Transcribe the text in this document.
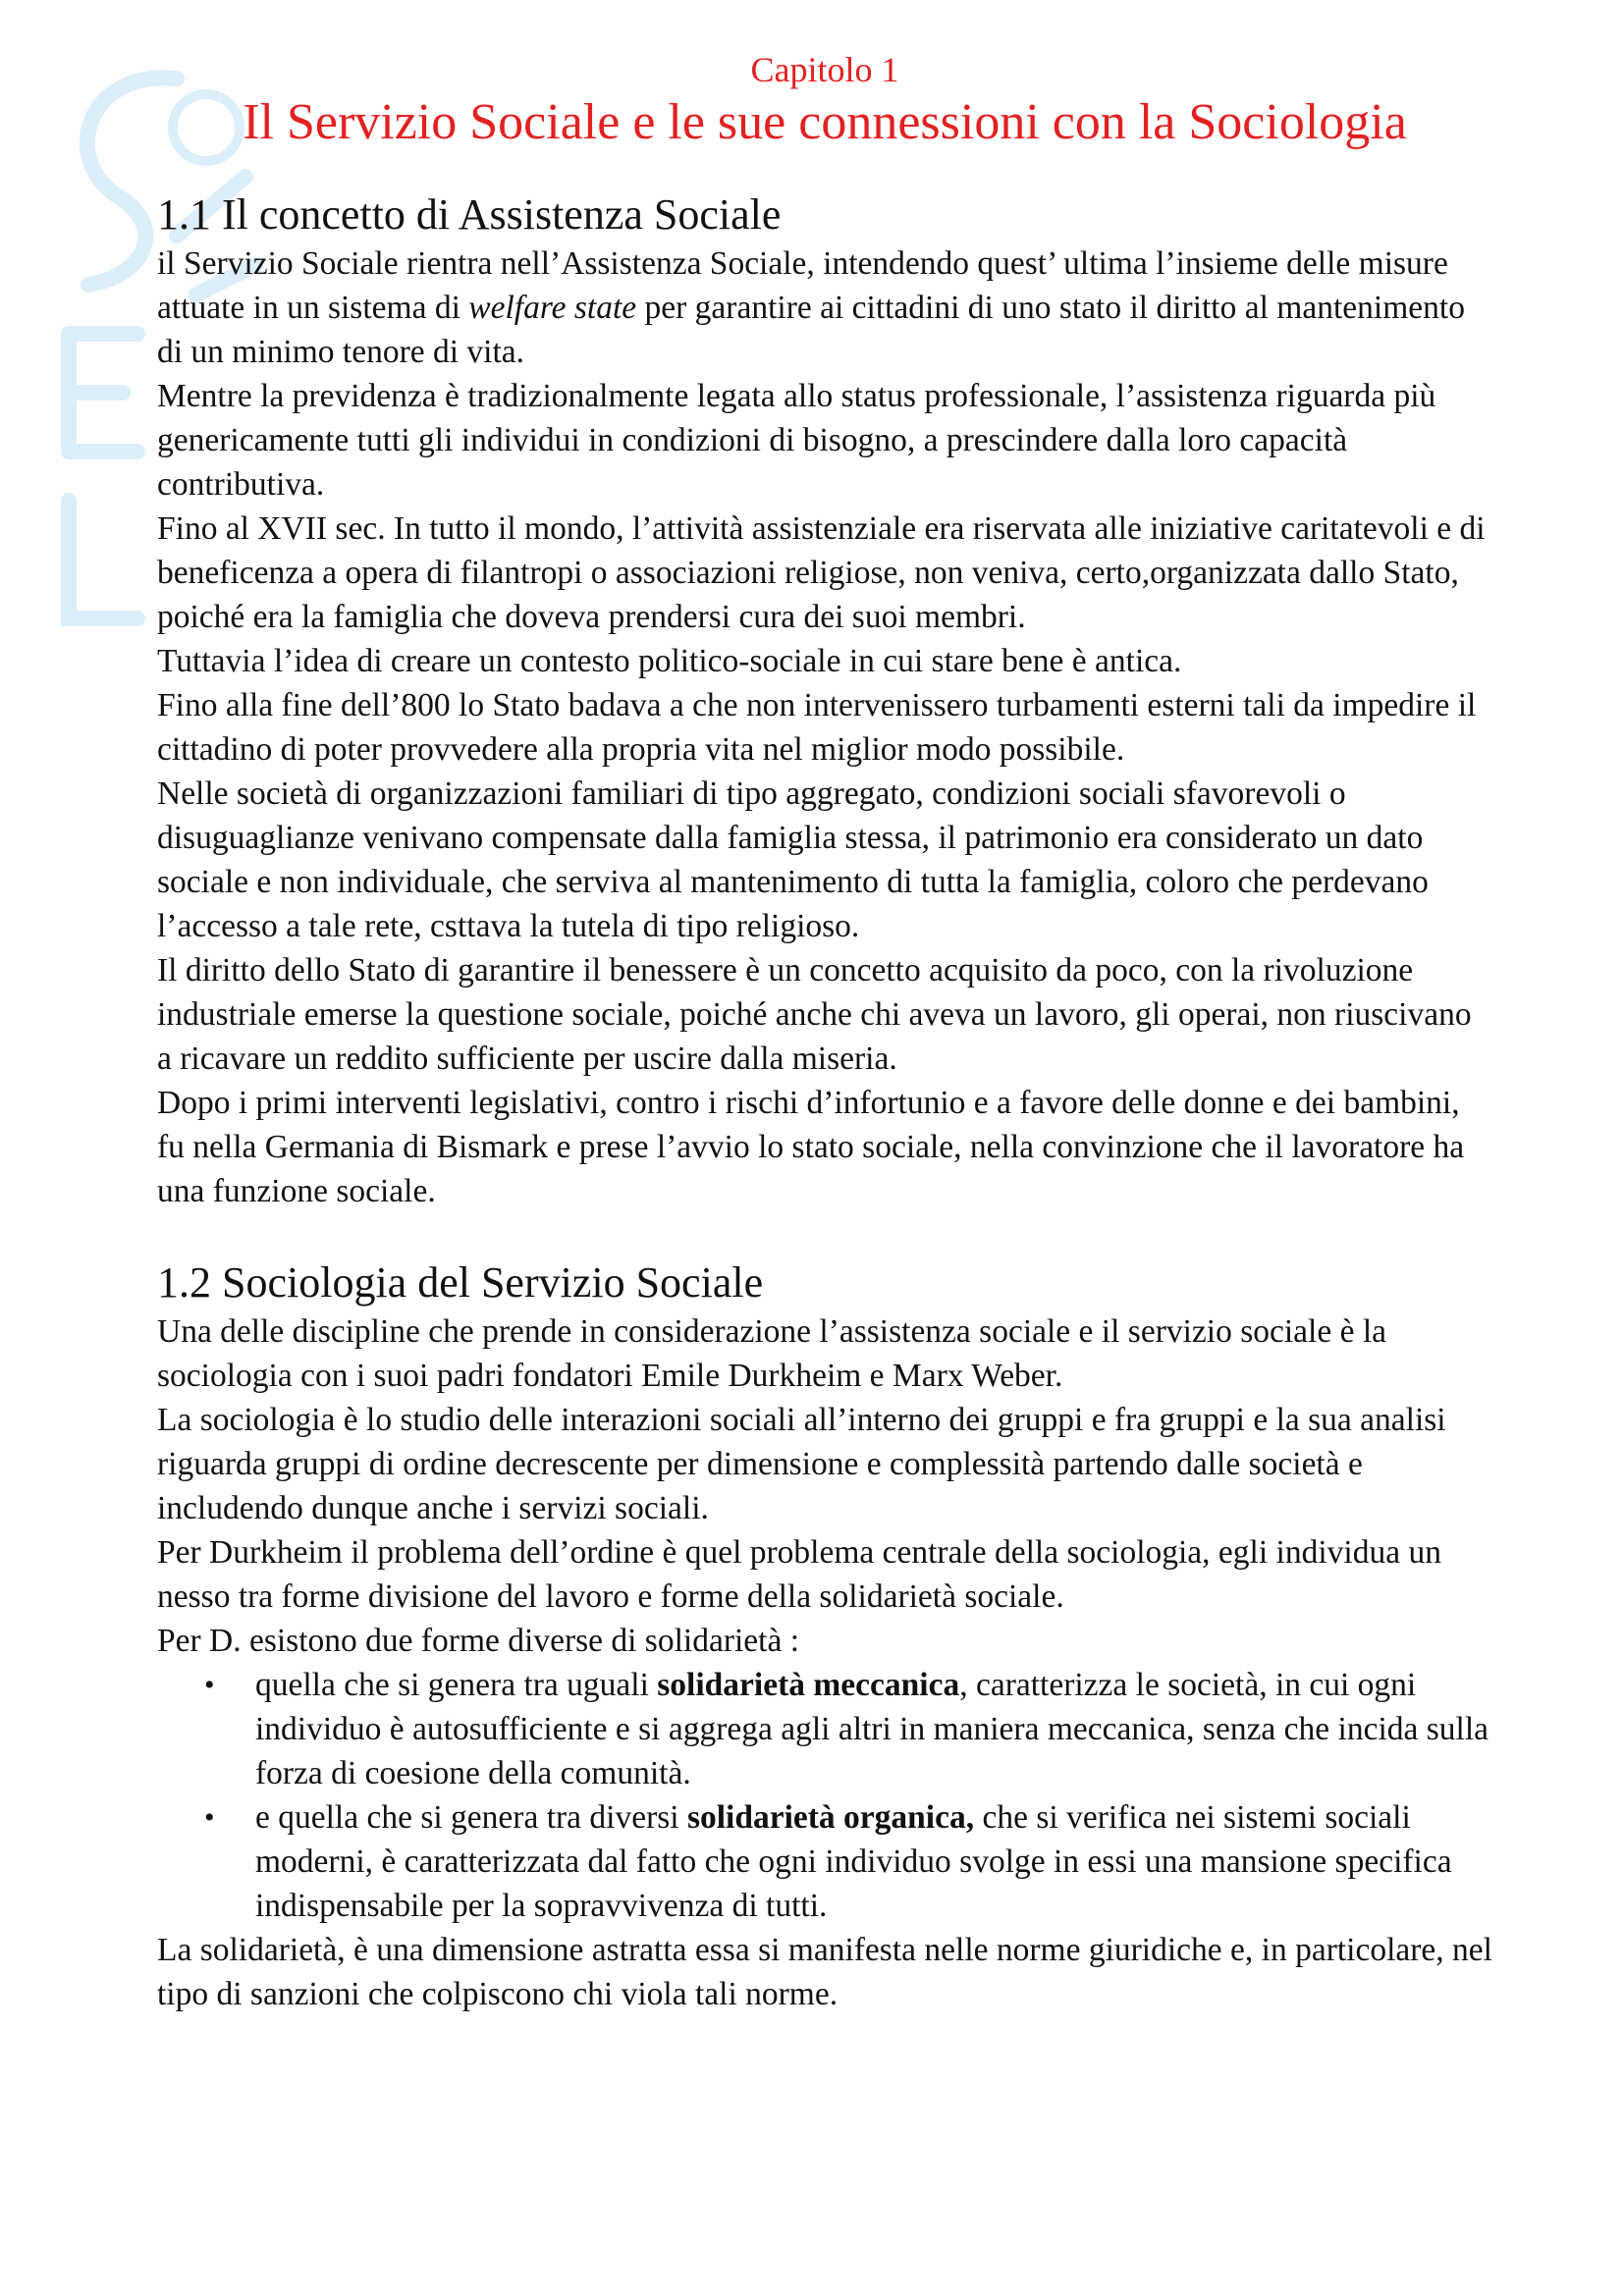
Capitolo 1
Il Servizio Sociale e le sue connessioni con la Sociologia
1.1 Il concetto di Assistenza Sociale

il Servizio Sociale rientra nell’Assistenza Sociale, intendendo quest’ ultima l’insieme delle misure attuate in un sistema di welfare state per garantire ai cittadini di uno stato il diritto al mantenimento di un minimo tenore di vita.

Mentre la previdenza è tradizionalmente legata allo status professionale, l’assistenza riguarda più genericamente tutti gli individui in condizioni di bisogno, a prescindere dalla loro capacità contributiva.

Fino al XVII sec. In tutto il mondo, l’attività assistenziale era riservata alle iniziative caritatevoli e di beneficenza a opera di filantropi o associazioni religiose, non veniva, certo,organizzata dallo Stato, poiché era la famiglia che doveva prendersi cura dei suoi membri.

Tuttavia l’idea di creare un contesto politico-sociale in cui stare bene è antica.

Fino alla fine dell’800 lo Stato badava a che non intervenissero turbamenti esterni tali da impedire il cittadino di poter provvedere alla propria vita nel miglior modo possibile.

Nelle società di organizzazioni familiari di tipo aggregato, condizioni sociali sfavorevoli o disuguaglianze venivano compensate dalla famiglia stessa, il patrimonio era considerato un dato sociale e non individuale, che serviva al mantenimento di tutta la famiglia, coloro che perdevano l’accesso a tale rete, csttava la tutela di tipo religioso.

Il diritto dello Stato di garantire il benessere è un concetto acquisito da poco, con la rivoluzione industriale emerse la questione sociale, poiché anche chi aveva un lavoro, gli operai, non riuscivano a ricavare un reddito sufficiente per uscire dalla miseria.

Dopo i primi interventi legislativi, contro i rischi d’infortunio e a favore delle donne e dei bambini, fu nella Germania di Bismark e prese l’avvio lo stato sociale, nella convinzione che il lavoratore ha una funzione sociale.

1.2 Sociologia del Servizio Sociale

Una delle discipline che prende in considerazione l’assistenza sociale e il servizio sociale è la sociologia con i suoi padri fondatori Emile Durkheim e Marx Weber.

La sociologia è lo studio delle interazioni sociali all’interno dei gruppi e fra gruppi e la sua analisi riguarda gruppi di ordine decrescente per dimensione e complessità partendo dalle società e includendo dunque anche i servizi sociali.

Per Durkheim il problema dell’ordine è quel problema centrale della sociologia, egli individua un nesso tra forme divisione del lavoro e forme della solidarietà sociale.

Per D. esistono due forme diverse di solidarietà :

• quella che si genera tra uguali solidarietà meccanica, caratterizza le società, in cui ogni individuo è autosufficiente e si aggrega agli altri in maniera meccanica, senza che incida sulla forza di coesione della comunità.
• e quella che si genera tra diversi solidarietà organica, che si verifica nei sistemi sociali moderni, è caratterizzata dal fatto che ogni individuo svolge in essi una mansione specifica indispensabile per la sopravvivenza di tutti.

La solidarietà, è una dimensione astratta essa si manifesta nelle norme giuridiche e, in particolare, nel tipo di sanzioni che colpiscono chi viola tali norme.
